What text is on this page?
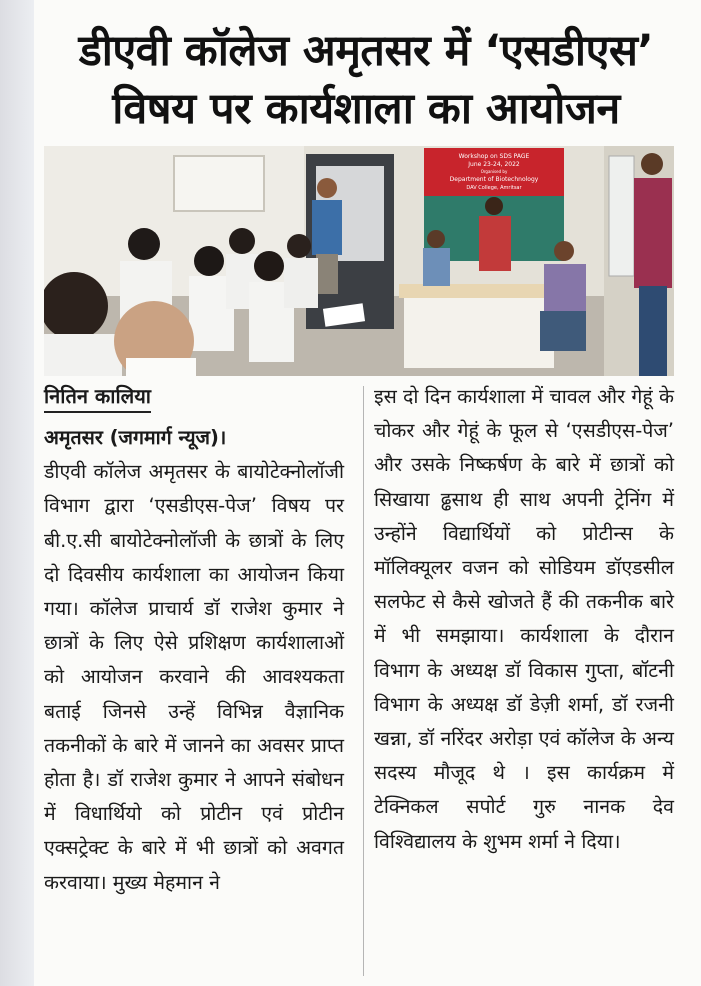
डीएवी कॉलेज अमृतसर में ‘एसडीएस’
विषय पर कार्यशाला का आयोजन
Workshop on SDS PAGE
June 23-24, 2022
Organised by
Department of Biotechnology
DAV College, Amritsar
नितिन कालिया

अमृतसर (जगमार्ग न्यूज)।
डीएवी कॉलेज अमृतसर के बायोटेक्नोलॉजी विभाग द्वारा ‘एसडीएस-पेज’ विषय पर बी.ए.सी बायोटेक्नोलॉजी के छात्रों के लिए दो दिवसीय कार्यशाला का आयोजन किया गया। कॉलेज प्राचार्य डॉ राजेश कुमार ने छात्रों के लिए ऐसे प्रशिक्षण कार्यशालाओं को आयोजन करवाने की आवश्यकता बताई जिनसे उन्हें विभिन्न वैज्ञानिक तकनीकों के बारे में जानने का अवसर प्राप्त होता है। डॉ राजेश कुमार ने आपने संबोधन में विधार्थियो को प्रोटीन एवं प्रोटीन एक्सट्रेक्ट के बारे में भी छात्रों को अवगत करवाया। मुख्य मेहमान ने

इस दो दिन कार्यशाला में चावल और गेहूं के चोकर और गेहूं के फूल से ‘एसडीएस-पेज’ और उसके निष्कर्षण के बारे में छात्रों को सिखाया ढ्ढसाथ ही साथ अपनी ट्रेनिंग में उन्होंने विद्यार्थियों को प्रोटीन्स के मॉलिक्यूलर वजन को सोडियम डॉएडसील सलफेट से कैसे खोजते हैं की तकनीक बारे में भी समझाया। कार्यशाला के दौरान विभाग के अध्यक्ष डॉ विकास गुप्ता, बॉटनी विभाग के अध्यक्ष डॉ डेज़ी शर्मा, डॉ रजनी खन्ना, डॉ नरिंदर अरोड़ा एवं कॉलेज के अन्य सदस्य मौजूद थे । इस कार्यक्रम में टेक्निकल सपोर्ट गुरु नानक देव विश्विद्यालय के शुभम शर्मा ने दिया।
